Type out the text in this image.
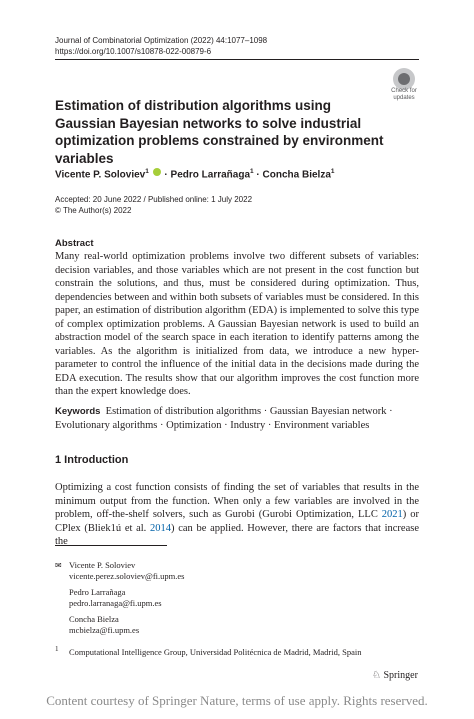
Journal of Combinatorial Optimization (2022) 44:1077–1098
https://doi.org/10.1007/s10878-022-00879-6
Check for
updates
Estimation of distribution algorithms using Gaussian Bayesian networks to solve industrial optimization problems constrained by environment variables
Vicente P. Soloviev$^1$  · Pedro Larrañaga$^1$ · Concha Bielza$^1$
Accepted: 20 June 2022 / Published online: 1 July 2022
© The Author(s) 2022
Abstract
Many real-world optimization problems involve two different subsets of variables: decision variables, and those variables which are not present in the cost function but constrain the solutions, and thus, must be considered during optimization. Thus, dependencies between and within both subsets of variables must be considered. In this paper, an estimation of distribution algorithm (EDA) is implemented to solve this type of complex optimization problems. A Gaussian Bayesian network is used to build an abstraction model of the search space in each iteration to identify patterns among the variables. As the algorithm is initialized from data, we introduce a new hyper-parameter to control the influence of the initial data in the decisions made during the EDA execution. The results show that our algorithm improves the cost function more than the expert knowledge does.
Keywords Estimation of distribution algorithms · Gaussian Bayesian network · Evolutionary algorithms · Optimization · Industry · Environment variables
1 Introduction
Optimizing a cost function consists of finding the set of variables that results in the minimum output from the function. When only a few variables are involved in the problem, off-the-shelf solvers, such as Gurobi (Gurobi Optimization, LLC 2021) or CPlex (Bliek1ú et al. 2014) can be applied. However, there are factors that increase the
✉ Vicente P. Soloviev
vicente.perez.soloviev@fi.upm.es
Pedro Larrañaga
pedro.larranaga@fi.upm.es
Concha Bielza
mcbielza@fi.upm.es
$^1$ Computational Intelligence Group, Universidad Politécnica de Madrid, Madrid, Spain
♘ Springer
Content courtesy of Springer Nature, terms of use apply. Rights reserved.
